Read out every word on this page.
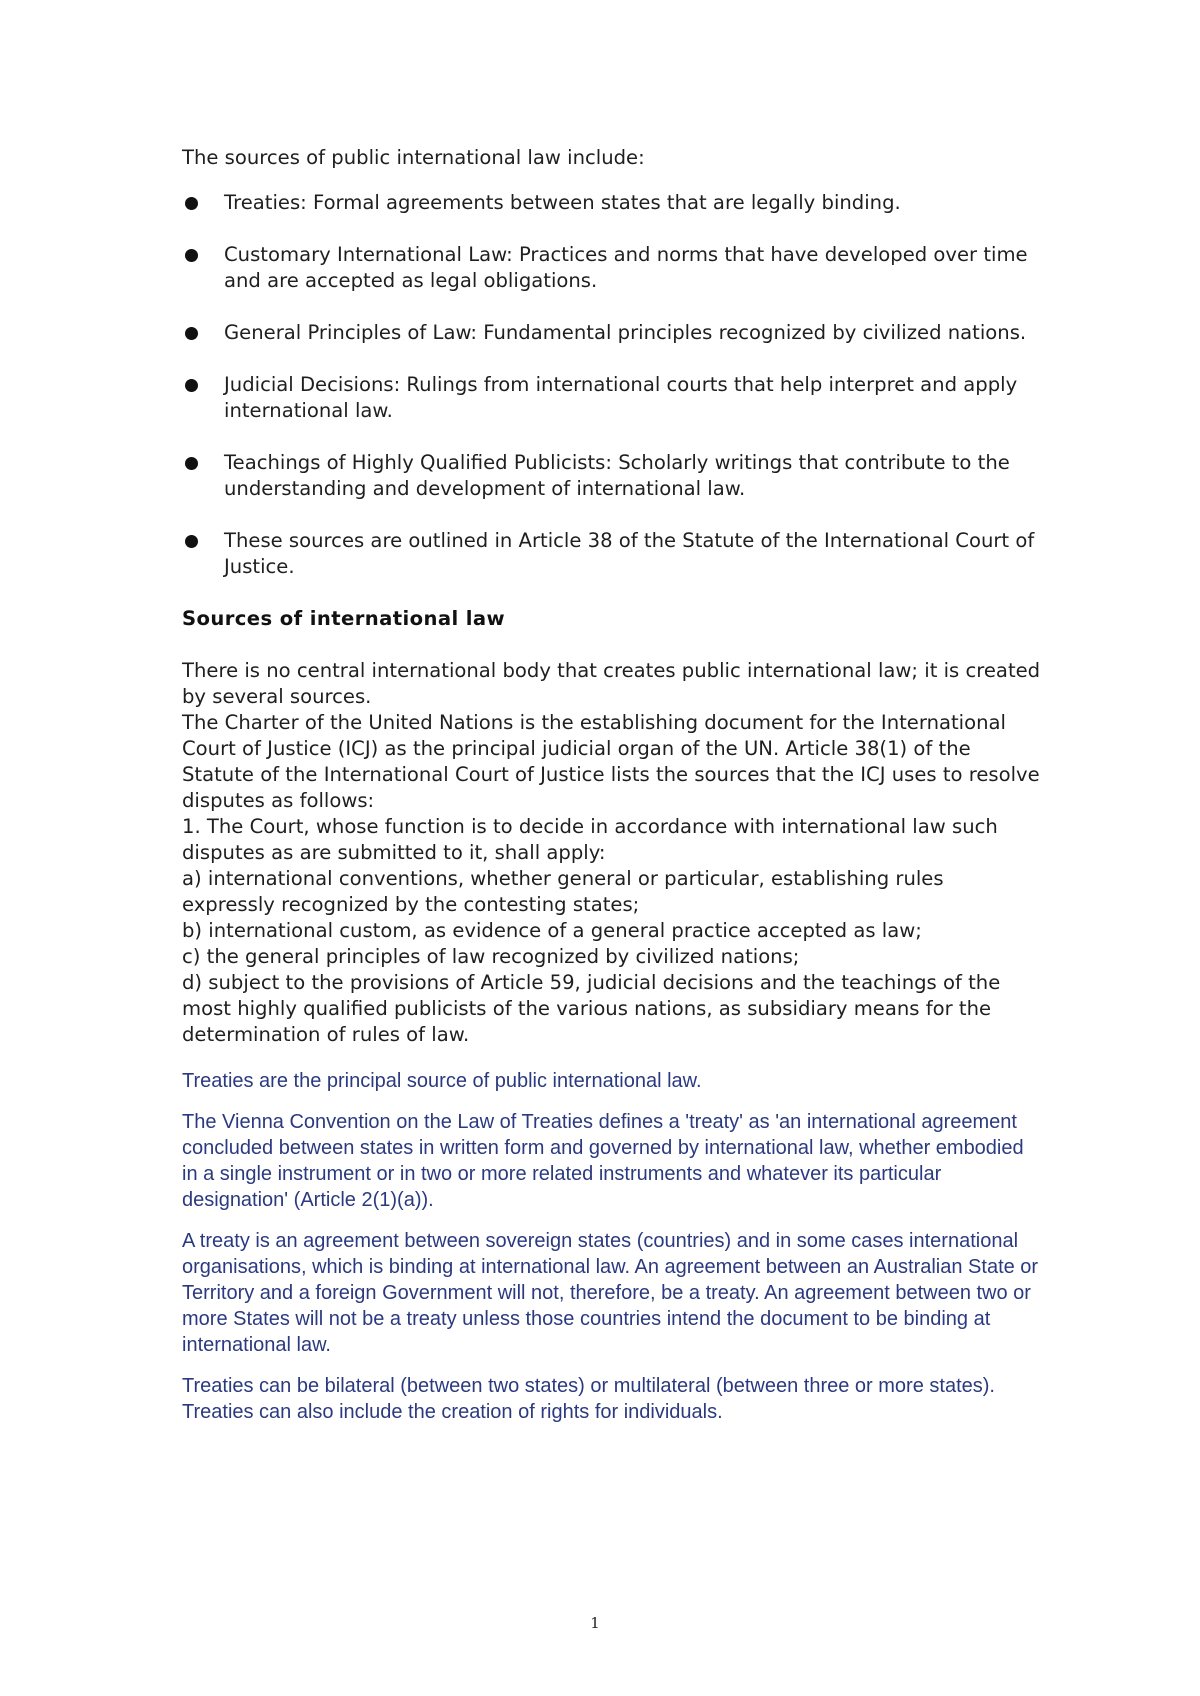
The sources of public international law include:

Treaties: Formal agreements between states that are legally binding.
Customary International Law: Practices and norms that have developed over time and are accepted as legal obligations.
General Principles of Law: Fundamental principles recognized by civilized nations.
Judicial Decisions: Rulings from international courts that help interpret and apply international law.
Teachings of Highly Qualified Publicists: Scholarly writings that contribute to the understanding and development of international law.
These sources are outlined in Article 38 of the Statute of the International Court of Justice.
Sources of international law

There is no central international body that creates public international law; it is created by several sources.

The Charter of the United Nations is the establishing document for the International Court of Justice (ICJ) as the principal judicial organ of the UN. Article 38(1) of the Statute of the International Court of Justice lists the sources that the ICJ uses to resolve disputes as follows:

1. The Court, whose function is to decide in accordance with international law such disputes as are submitted to it, shall apply:

a) international conventions, whether general or particular, establishing rules expressly recognized by the contesting states;

b) international custom, as evidence of a general practice accepted as law;

c) the general principles of law recognized by civilized nations;

d) subject to the provisions of Article 59, judicial decisions and the teachings of the most highly qualified publicists of the various nations, as subsidiary means for the determination of rules of law.

Treaties are the principal source of public international law.

The Vienna Convention on the Law of Treaties defines a 'treaty' as 'an international agreement concluded between states in written form and governed by international law, whether embodied in a single instrument or in two or more related instruments and whatever its particular designation' (Article 2(1)(a)).

A treaty is an agreement between sovereign states (countries) and in some cases international organisations, which is binding at international law. An agreement between an Australian State or Territory and a foreign Government will not, therefore, be a treaty. An agreement between two or more States will not be a treaty unless those countries intend the document to be binding at international law.

Treaties can be bilateral (between two states) or multilateral (between three or more states). Treaties can also include the creation of rights for individuals.

1
